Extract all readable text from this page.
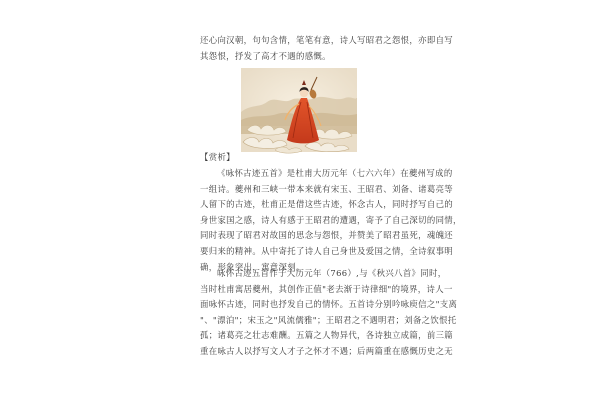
还心向汉朝，句句含情，笔笔有意，诗人写昭君之怨恨，亦即自写
其怨恨，抒发了高才不遇的感慨。
【赏析】
《咏怀古迹五首》是杜甫大历元年（七六六年）在夔州写成的
一组诗。夔州和三峡一带本来就有宋玉、王昭君、刘备、诸葛亮等
人留下的古迹，杜甫正是借这些古迹，怀念古人，同时抒写自己的
身世家国之感，诗人有感于王昭君的遭遇，寄予了自己深切的同情，
同时表现了昭君对故国的思念与怨恨，并赞美了昭君虽死，魂魄还
要归来的精神。从中寄托了诗人自己身世及爱国之情，全诗叙事明
确，形象突出，寓意深刻。
咏怀古迹五首作于大历元年（766）,与《秋兴八首》同时，
当时杜甫寓居夔州，其创作正值"老去渐于诗律细"的境界，诗人一
面咏怀古迹，同时也抒发自己的情怀。五首诗分别吟咏庾信之"支离
"、"漂泊"；宋玉之"风流儒雅"；王昭君之不遇明君；刘备之饮恨托
孤；诸葛亮之壮志难酬。五篇之人物异代，各诗独立成篇，前三篇
重在咏古人以抒写文人才子之怀才不遇；后两篇重在感慨历史之无
